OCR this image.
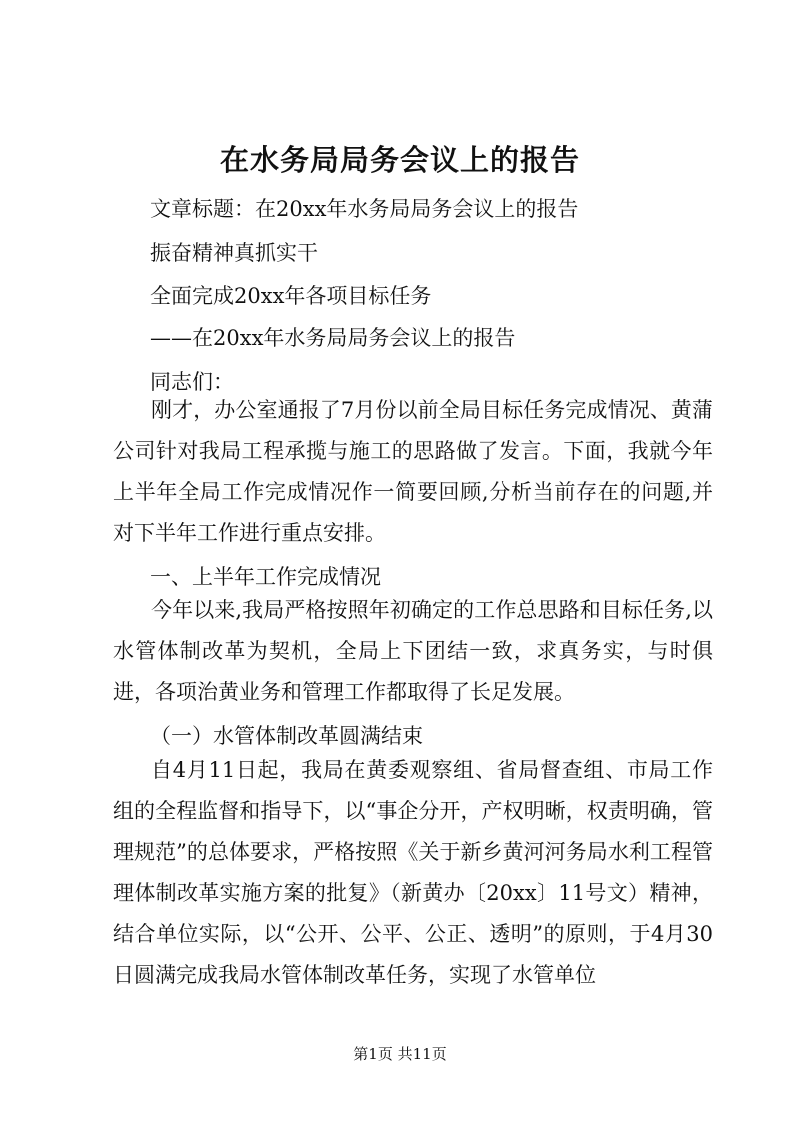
在水务局局务会议上的报告
文章标题：在20xx年水务局局务会议上的报告
振奋精神真抓实干
全面完成20xx年各项目标任务
——在20xx年水务局局务会议上的报告
同志们：

刚才，办公室通报了7月份以前全局目标任务完成情况、黄蒲公司针对我局工程承揽与施工的思路做了发言。下面，我就今年上半年全局工作完成情况作一简要回顾,分析当前存在的问题,并对下半年工作进行重点安排。

一、上半年工作完成情况

今年以来,我局严格按照年初确定的工作总思路和目标任务,以水管体制改革为契机，全局上下团结一致，求真务实，与时俱进，各项治黄业务和管理工作都取得了长足发展。

（一）水管体制改革圆满结束

自4月11日起，我局在黄委观察组、省局督查组、市局工作组的全程监督和指导下，以“事企分开，产权明晰，权责明确，管理规范”的总体要求，严格按照《关于新乡黄河河务局水利工程管理体制改革实施方案的批复》（新黄办〔20xx〕11号文）精神，结合单位实际，以“公开、公平、公正、透明”的原则，于4月30日圆满完成我局水管体制改革任务，实现了水管单位

第1页 共11页
